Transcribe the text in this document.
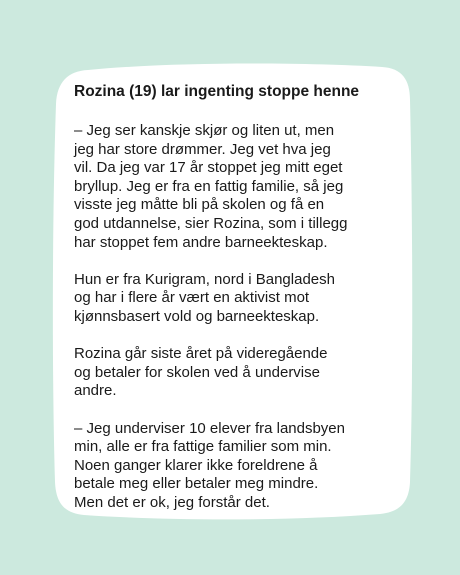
Rozina (19) lar ingenting stoppe henne

– Jeg ser kanskje skjør og liten ut, men
jeg har store drømmer. Jeg vet hva jeg
vil. Da jeg var 17 år stoppet jeg mitt eget
bryllup. Jeg er fra en fattig familie, så jeg
visste jeg måtte bli på skolen og få en
god utdannelse, sier Rozina, som i tillegg
har stoppet fem andre barneekteskap.

Hun er fra Kurigram, nord i Bangladesh
og har i flere år vært en aktivist mot
kjønnsbasert vold og barneekteskap.

Rozina går siste året på videregående
og betaler for skolen ved å undervise
andre.

– Jeg underviser 10 elever fra landsbyen
min, alle er fra fattige familier som min.
Noen ganger klarer ikke foreldrene å
betale meg eller betaler meg mindre.
Men det er ok, jeg forstår det.
